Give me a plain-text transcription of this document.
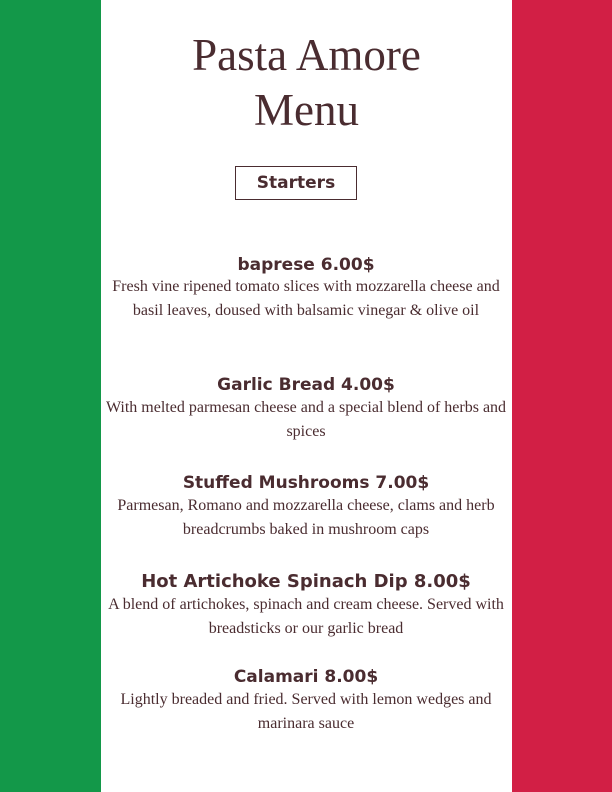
Pasta Amore
Menu
Starters
baprese 6.00$
Fresh vine ripened tomato slices with mozzarella cheese and basil leaves, doused with balsamic vinegar & olive oil
Garlic Bread 4.00$
With melted parmesan cheese and a special blend of herbs and spices
Stuffed Mushrooms 7.00$
Parmesan, Romano and mozzarella cheese, clams and herb breadcrumbs baked in mushroom caps
Hot Artichoke Spinach Dip 8.00$
A blend of artichokes, spinach and cream cheese. Served with breadsticks or our garlic bread
Calamari 8.00$
Lightly breaded and fried. Served with lemon wedges and marinara sauce
